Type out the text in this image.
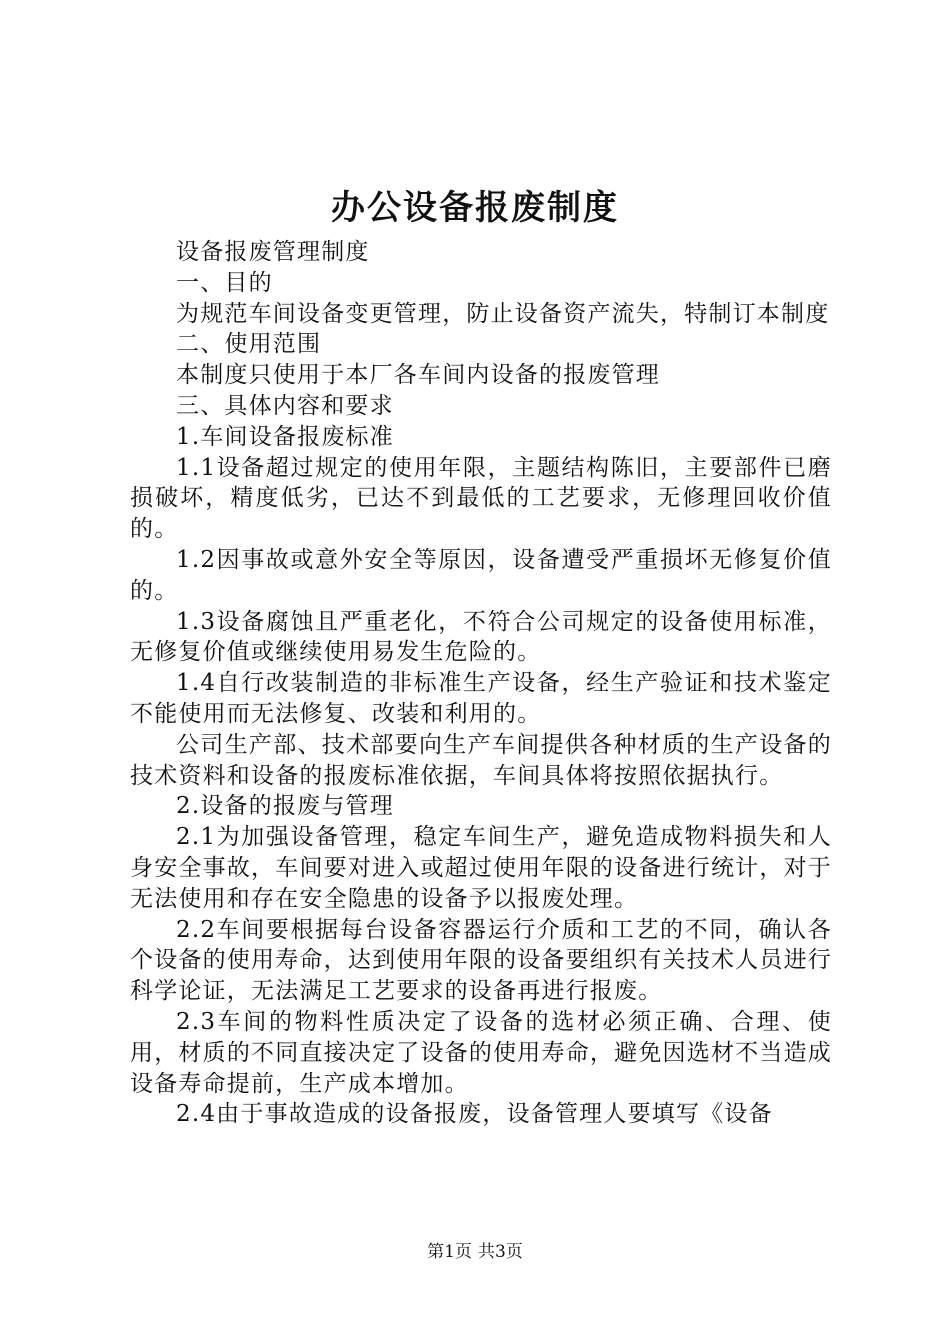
办公设备报废制度

设备报废管理制度

一、目的

为规范车间设备变更管理，防止设备资产流失，特制订本制度

二、使用范围

本制度只使用于本厂各车间内设备的报废管理

三、具体内容和要求

1.车间设备报废标准

1.1设备超过规定的使用年限，主题结构陈旧，主要部件已磨损破坏，精度低劣，已达不到最低的工艺要求，无修理回收价值的。

1.2因事故或意外安全等原因，设备遭受严重损坏无修复价值的。

1.3设备腐蚀且严重老化，不符合公司规定的设备使用标准，无修复价值或继续使用易发生危险的。

1.4自行改装制造的非标准生产设备，经生产验证和技术鉴定不能使用而无法修复、改装和利用的。

公司生产部、技术部要向生产车间提供各种材质的生产设备的技术资料和设备的报废标准依据，车间具体将按照依据执行。

2.设备的报废与管理

2.1为加强设备管理，稳定车间生产，避免造成物料损失和人身安全事故，车间要对进入或超过使用年限的设备进行统计，对于无法使用和存在安全隐患的设备予以报废处理。

2.2车间要根据每台设备容器运行介质和工艺的不同，确认各个设备的使用寿命，达到使用年限的设备要组织有关技术人员进行科学论证，无法满足工艺要求的设备再进行报废。

2.3车间的物料性质决定了设备的选材必须正确、合理、使用，材质的不同直接决定了设备的使用寿命，避免因选材不当造成设备寿命提前，生产成本增加。

2.4由于事故造成的设备报废，设备管理人要填写《设备

第1页 共3页
